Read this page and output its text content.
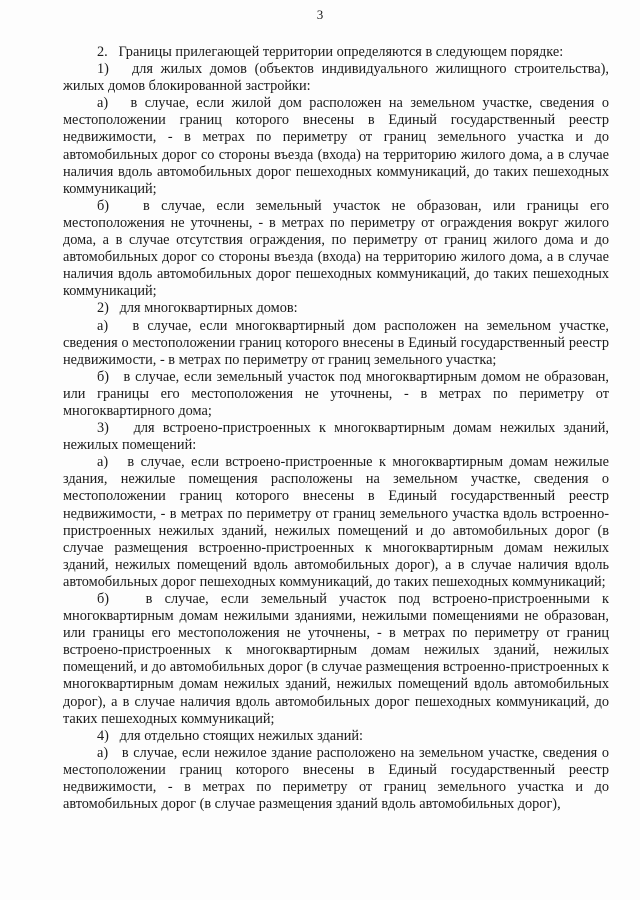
3

2.   Границы прилегающей территории определяются в следующем порядке:

1)   для жилых домов (объектов индивидуального жилищного строительства), жилых домов блокированной застройки:

а)   в случае, если жилой дом расположен на земельном участке, сведения о местоположении границ которого внесены в Единый государственный реестр недвижимости, - в метрах по периметру от границ земельного участка и до автомобильных дорог со стороны въезда (входа) на территорию жилого дома, а в случае наличия вдоль автомобильных дорог пешеходных коммуникаций, до таких пешеходных коммуникаций;

б)   в случае, если земельный участок не образован, или границы его местоположения не уточнены, - в метрах по периметру от ограждения вокруг жилого дома, а в случае отсутствия ограждения, по периметру от границ жилого дома и до автомобильных дорог со стороны въезда (входа) на территорию жилого дома, а в случае наличия вдоль автомобильных дорог пешеходных коммуникаций, до таких пешеходных коммуникаций;

2)   для многоквартирных домов:

а)   в случае, если многоквартирный дом расположен на земельном участке, сведения о местоположении границ которого внесены в Единый государственный реестр недвижимости, - в метрах по периметру от границ земельного участка;

б)   в случае, если земельный участок под многоквартирным домом не образован, или границы его местоположения не уточнены, - в метрах по периметру от многоквартирного дома;

3)   для встроено-пристроенных к многоквартирным домам нежилых зданий, нежилых помещений:

а)   в случае, если встроено-пристроенные к многоквартирным домам нежилые здания, нежилые помещения расположены на земельном участке, сведения о местоположении границ которого внесены в Единый государственный реестр недвижимости, - в метрах по периметру от границ земельного участка вдоль встроенно-пристроенных нежилых зданий, нежилых помещений и до автомобильных дорог (в случае размещения встроенно-пристроенных к многоквартирным домам нежилых зданий, нежилых помещений вдоль автомобильных дорог), а в случае наличия вдоль автомобильных дорог пешеходных коммуникаций, до таких пешеходных коммуникаций;

б)   в случае, если земельный участок под встроено-пристроенными к многоквартирным домам нежилыми зданиями, нежилыми помещениями не образован, или границы его местоположения не уточнены, - в метрах по периметру от границ встроено-пристроенных к многоквартирным домам нежилых зданий, нежилых помещений, и до автомобильных дорог (в случае размещения встроенно-пристроенных к многоквартирным домам нежилых зданий, нежилых помещений вдоль автомобильных дорог), а в случае наличия вдоль автомобильных дорог пешеходных коммуникаций, до таких пешеходных коммуникаций;

4)   для отдельно стоящих нежилых зданий:

а)   в случае, если нежилое здание расположено на земельном участке, сведения о местоположении границ которого внесены в Единый государственный реестр недвижимости, - в метрах по периметру от границ земельного участка и до автомобильных дорог (в случае размещения зданий вдоль автомобильных дорог),
